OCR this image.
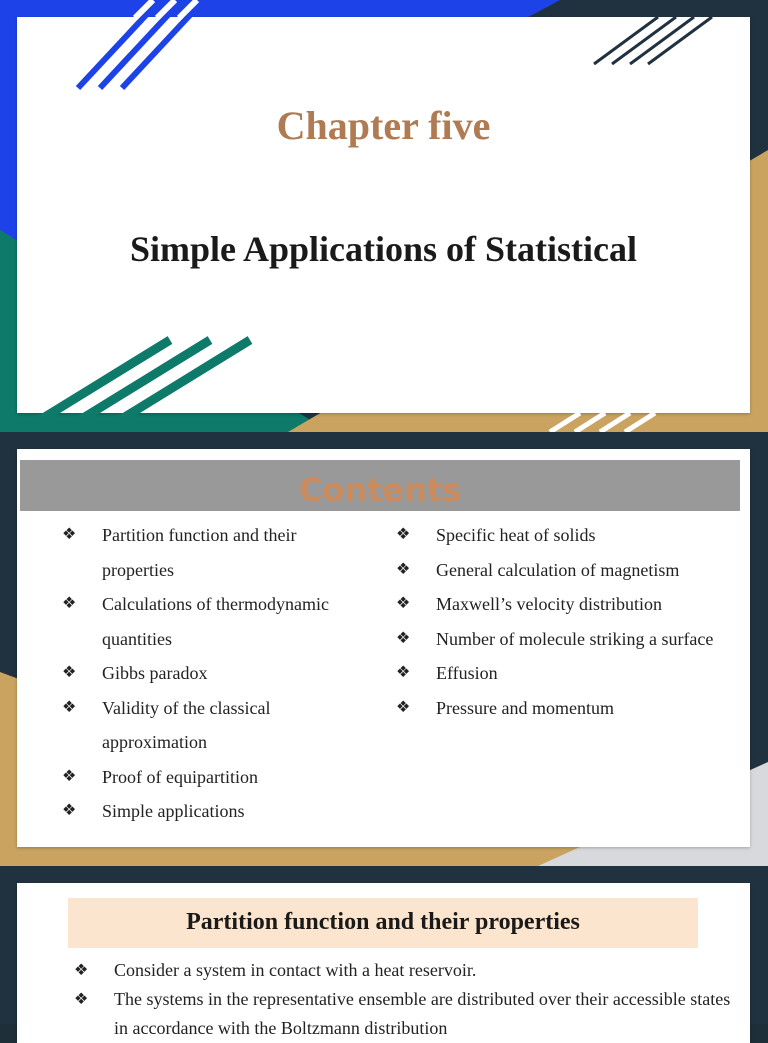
Chapter five
Simple Applications of Statistical
Contents
❖	Partition function and their properties
❖	Calculations of thermodynamic quantities
❖	Gibbs paradox
❖	Validity of the classical approximation
❖	Proof of equipartition
❖	Simple applications
❖	Specific heat of solids
❖	General calculation of magnetism
❖	Maxwell’s velocity distribution
❖	Number of molecule striking a surface
❖	Effusion
❖	Pressure and momentum
Partition function and their properties
❖	Consider a system in contact with a heat reservoir.
❖	The systems in the representative ensemble are distributed over their accessible states in accordance with the Boltzmann distribution
